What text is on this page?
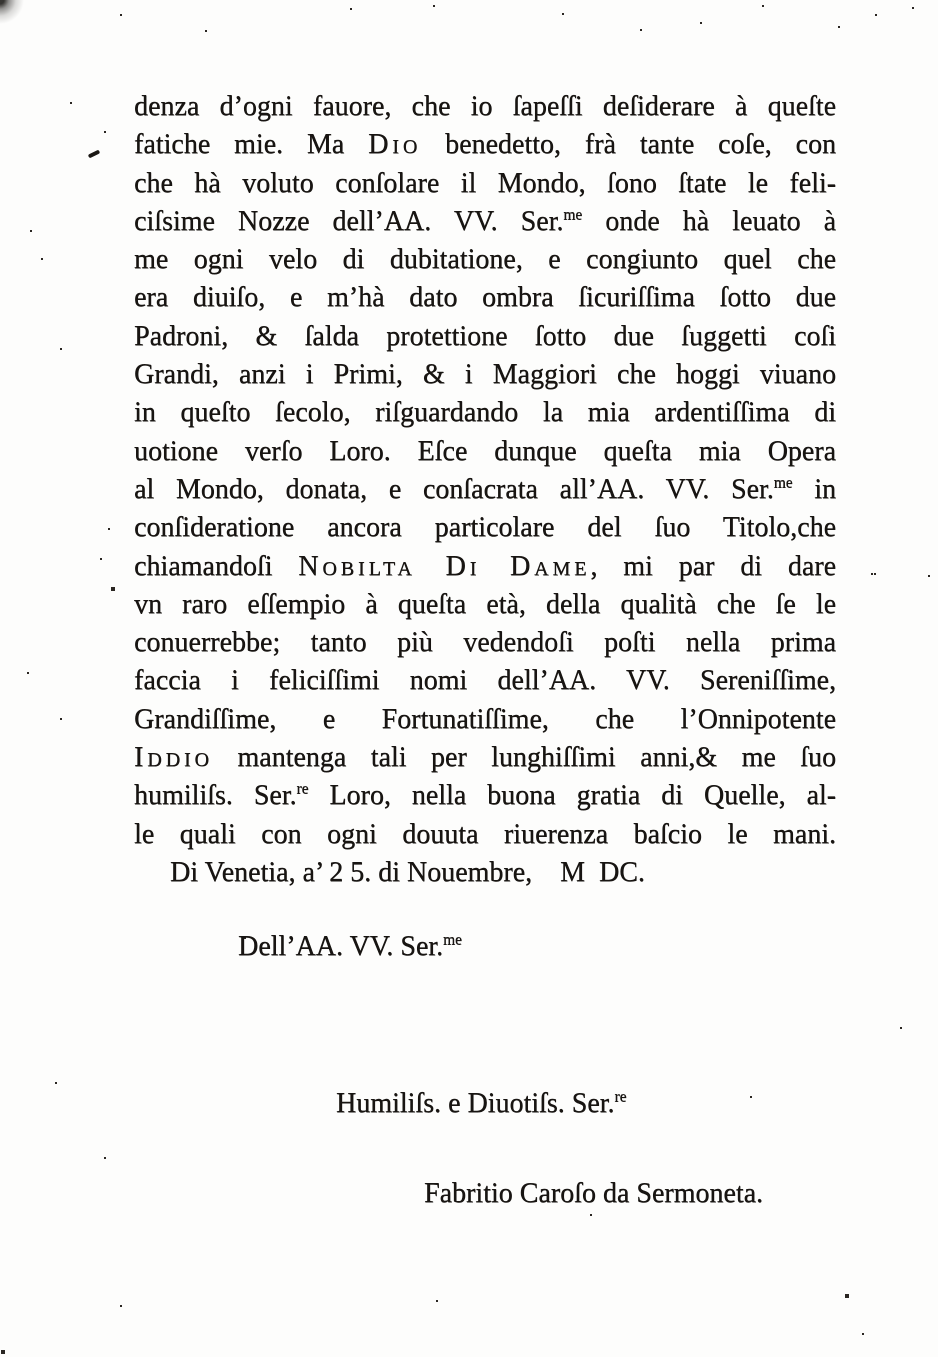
denza d’ogni fauore, che io ſapeſſi deſiderare à queſte
fatiche mie. Ma Dio benedetto, frà tante coſe, con
che hà voluto conſolare il Mondo, ſono ſtate le feli-
ciſsime Nozze dell’AA. VV. Ser.$^{me}$ onde hà leuato à
me ogni velo di dubitatione, e congiunto quel che
era diuiſo, e m’hà dato ombra ſicuriſſima ſotto due
Padroni, & ſalda protettione ſotto due ſuggetti coſi
Grandi, anzi i Primi, & i Maggiori che hoggi viuano
in queſto ſecolo, riſguardando la mia ardentiſſima di
uotione verſo Loro. Eſce dunque queſta mia Opera
al Mondo, donata, e conſacrata all’AA. VV. Ser.$^{me}$ in
conſideratione ancora particolare del ſuo Titolo,che
chiamandoſi Nobilta Di Dame, mi par di dare
vn raro eſſempio à queſta età, della qualità che ſe le
conuerrebbe; tanto più vedendoſi poſti nella prima
faccia i feliciſſimi nomi dell’AA. VV. Sereniſſime,
Grandiſſime, e Fortunatiſſime, che l’Onnipotente
Iddio mantenga tali per lunghiſſimi anni,& me ſuo
humiliſs. Ser.$^{re}$ Loro, nella buona gratia di Quelle, al-
le quali con ogni douuta riuerenza baſcio le mani.
Di Venetia, a’ 2 5. di Nouembre,    M  DC.
Dell’AA. VV. Ser.$^{me}$
Humiliſs. e Diuotiſs. Ser.$^{re}$
Fabritio Caroſo da Sermoneta.
